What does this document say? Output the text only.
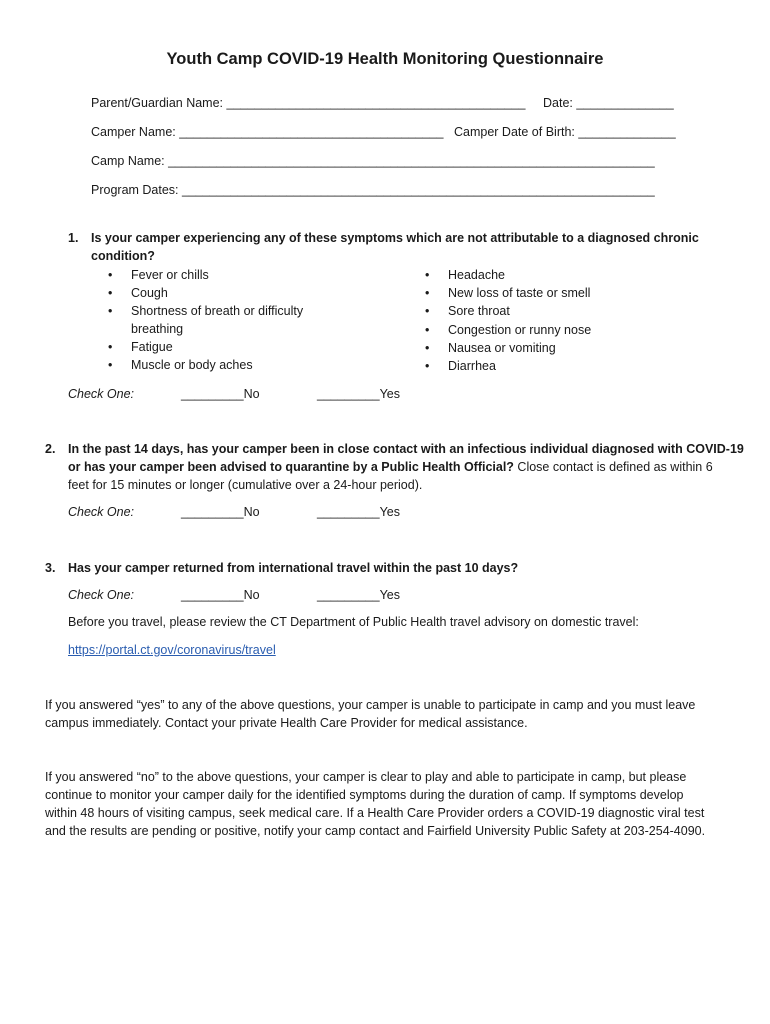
Youth Camp COVID-19 Health Monitoring Questionnaire
Parent/Guardian Name: ___________________________________________ Date: ______________
Camper Name: ______________________________________ Camper Date of Birth: ______________
Camp Name: ______________________________________________________________________
Program Dates: ____________________________________________________________________
1. Is your camper experiencing any of these symptoms which are not attributable to a diagnosed chronic
condition?
• Fever or chills
• Cough
• Shortness of breath or difficulty
breathing
• Fatigue
• Muscle or body aches
• Headache
• New loss of taste or smell
• Sore throat
• Congestion or runny nose
• Nausea or vomiting
• Diarrhea
Check One:	_________No	_________Yes
2. In the past 14 days, has your camper been in close contact with an infectious individual diagnosed with COVID-19
or has your camper been advised to quarantine by a Public Health Official? Close contact is defined as within 6
feet for 15 minutes or longer (cumulative over a 24-hour period).
Check One:	_________No	_________Yes
3. Has your camper returned from international travel within the past 10 days?
Check One:	_________No	_________Yes
Before you travel, please review the CT Department of Public Health travel advisory on domestic travel:
https://portal.ct.gov/coronavirus/travel
If you answered “yes” to any of the above questions, your camper is unable to participate in camp and you must leave
campus immediately. Contact your private Health Care Provider for medical assistance.
If you answered “no” to the above questions, your camper is clear to play and able to participate in camp, but please
continue to monitor your camper daily for the identified symptoms during the duration of camp. If symptoms develop
within 48 hours of visiting campus, seek medical care. If a Health Care Provider orders a COVID-19 diagnostic viral test
and the results are pending or positive, notify your camp contact and Fairfield University Public Safety at 203-254-4090.
